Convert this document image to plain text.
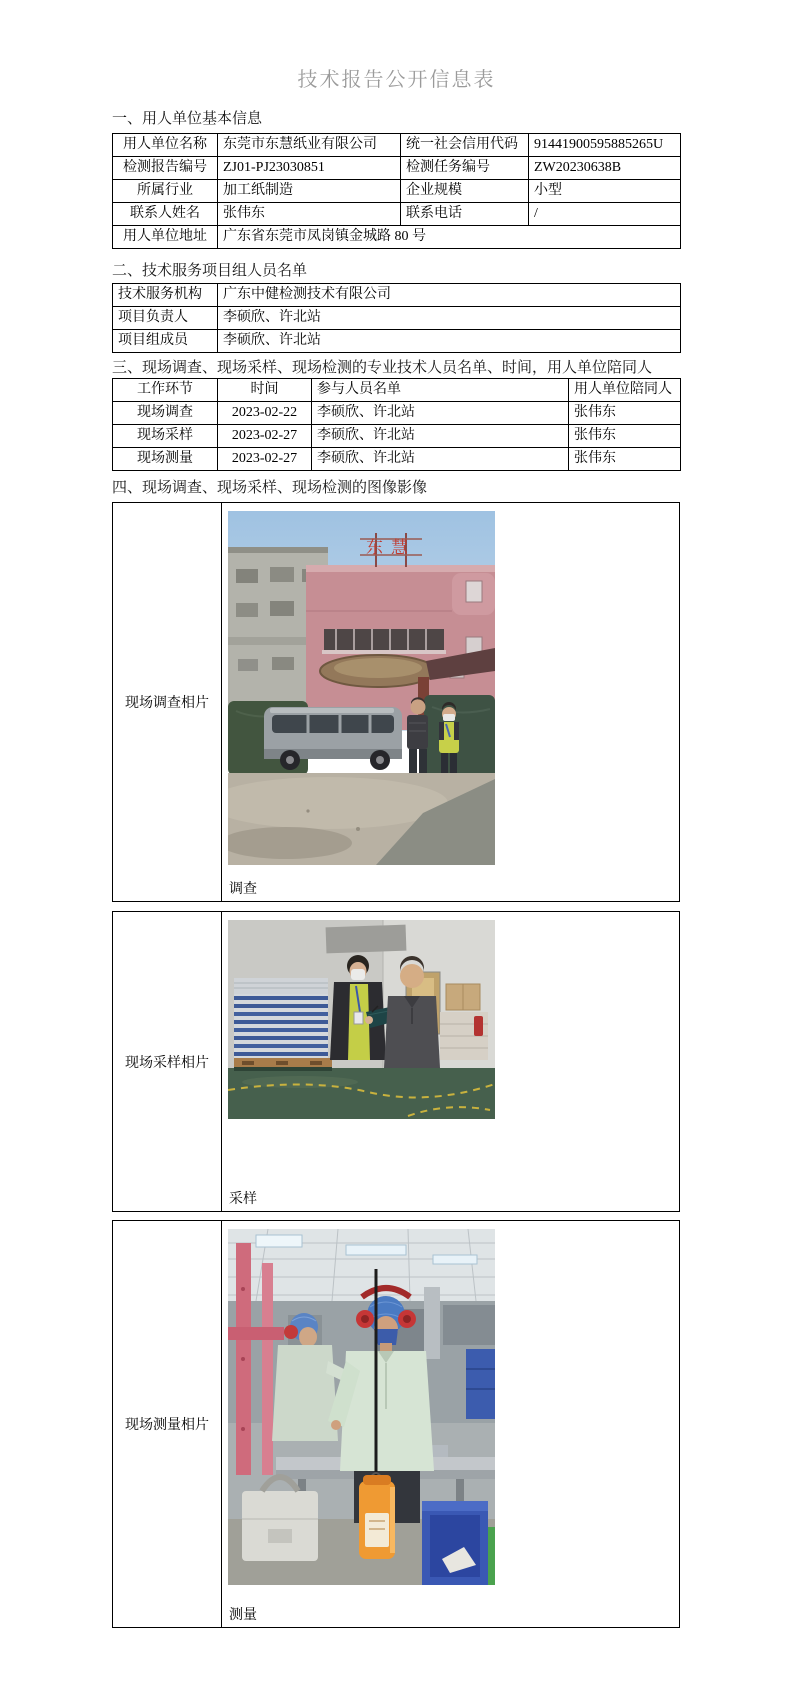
技术报告公开信息表
一、用人单位基本信息
用人单位名称	东莞市东慧纸业有限公司	统一社会信用代码	91441900595885265U
检测报告编号	ZJ01-PJ23030851	检测任务编号	ZW20230638B
所属行业	加工纸制造	企业规模	小型
联系人姓名	张伟东	联系电话	/
用人单位地址	广东省东莞市凤岗镇金城路 80 号		
二、技术服务项目组人员名单
技术服务机构	广东中健检测技术有限公司
项目负责人	李硕欣、许北站
项目组成员	李硕欣、许北站
三、现场调查、现场采样、现场检测的专业技术人员名单、时间，用人单位陪同人
工作环节	时间	参与人员名单	用人单位陪同人
现场调查	2023-02-22	李硕欣、许北站	张伟东
现场采样	2023-02-27	李硕欣、许北站	张伟东
现场测量	2023-02-27	李硕欣、许北站	张伟东
四、现场调查、现场采样、现场检测的图像影像
现场调查相片
东慧
调查
现场采样相片
采样
现场测量相片
测量
